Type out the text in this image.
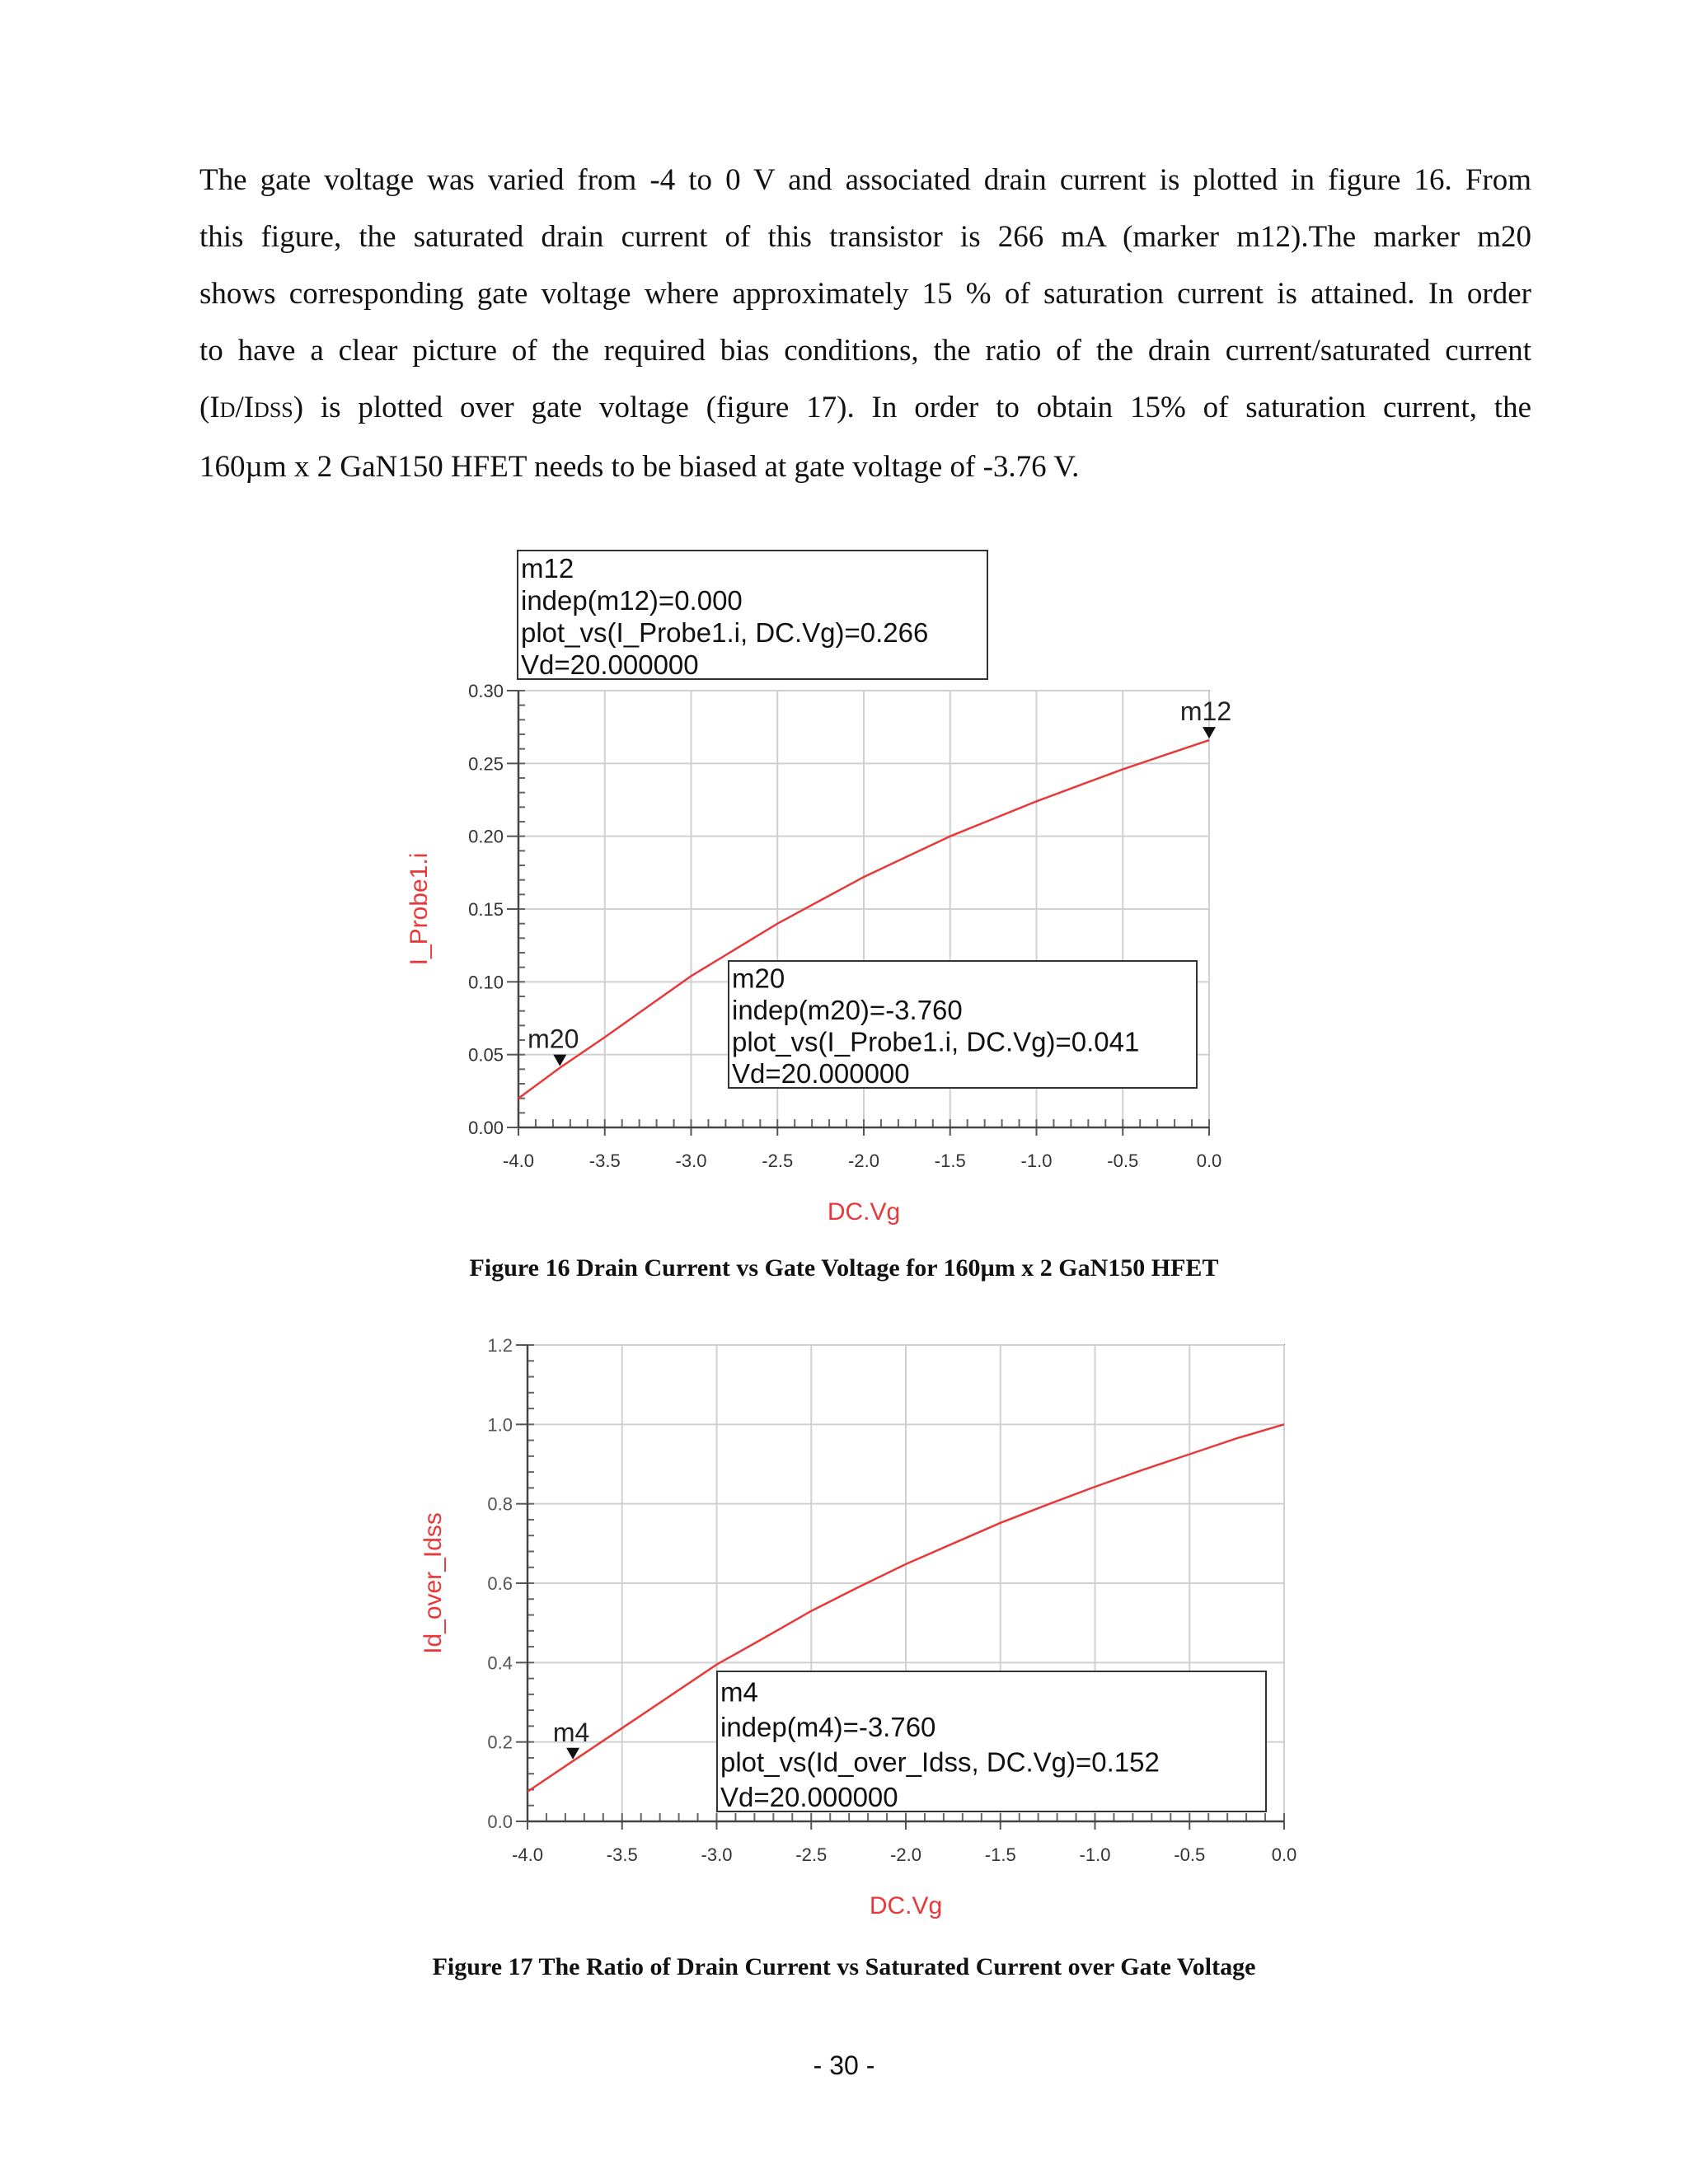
The gate voltage was varied from -4 to 0 V and associated drain current is plotted in figure 16. From
this figure, the saturated drain current of this transistor is 266 mA (marker m12).The marker m20
shows corresponding gate voltage where approximately 15 % of saturation current is attained. In order
to have a clear picture of the required bias conditions, the ratio of the drain current/saturated current
(ID/IDSS) is plotted over gate voltage (figure 17). In order to obtain 15% of saturation current, the
160µm x 2 GaN150 HFET needs to be biased at gate voltage of -3.76 V.
-4.0	-3.5	-3.0	-2.5	-2.0	-1.5	-1.0	-0.5	0.0
0.00
0.05
0.10
0.15
0.20
0.25
0.30
DC.Vg
I_Probe1.i
m12
m12
indep(m12)=0.000
plot_vs(I_Probe1.i, DC.Vg)=0.266
Vd=20.000000
m20
m20
indep(m20)=-3.760
plot_vs(I_Probe1.i, DC.Vg)=0.041
Vd=20.000000
Figure 16 Drain Current vs Gate Voltage for 160µm x 2 GaN150 HFET
-4.0	-3.5	-3.0	-2.5	-2.0	-1.5	-1.0	-0.5	0.0
0.0
0.2
0.4
0.6
0.8
1.0
1.2
DC.Vg
Id_over_Idss
m4
m4
indep(m4)=-3.760
plot_vs(Id_over_Idss, DC.Vg)=0.152
Vd=20.000000
Figure 17 The Ratio of Drain Current vs Saturated Current over Gate Voltage
- 30 -
